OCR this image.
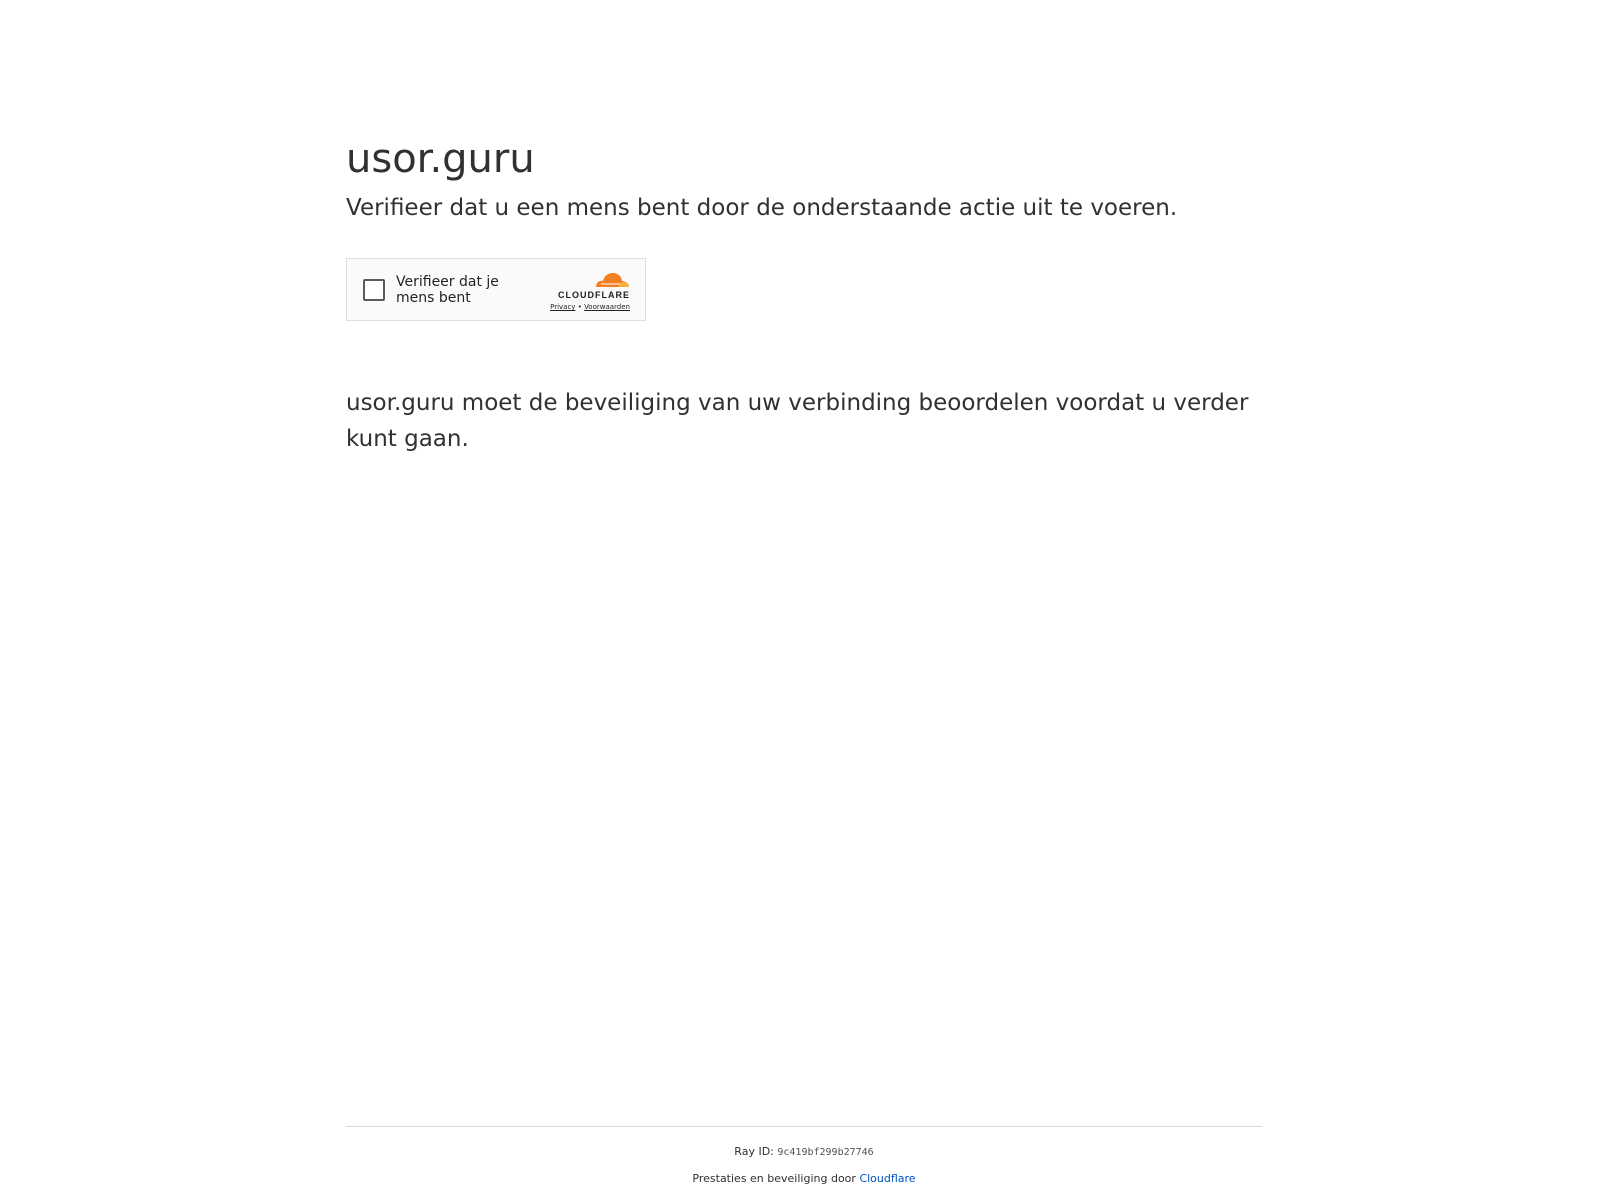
usor.guru

Verifieer dat u een mens bent door de onderstaande actie uit te voeren.

Verifieer dat je mens bent	CLOUDFLARE
Privacy • Voorwaarden

usor.guru moet de beveiliging van uw verbinding beoordelen voordat u verder kunt gaan.

Ray ID: 9c419bf299b27746
Prestaties en beveiliging door Cloudflare
